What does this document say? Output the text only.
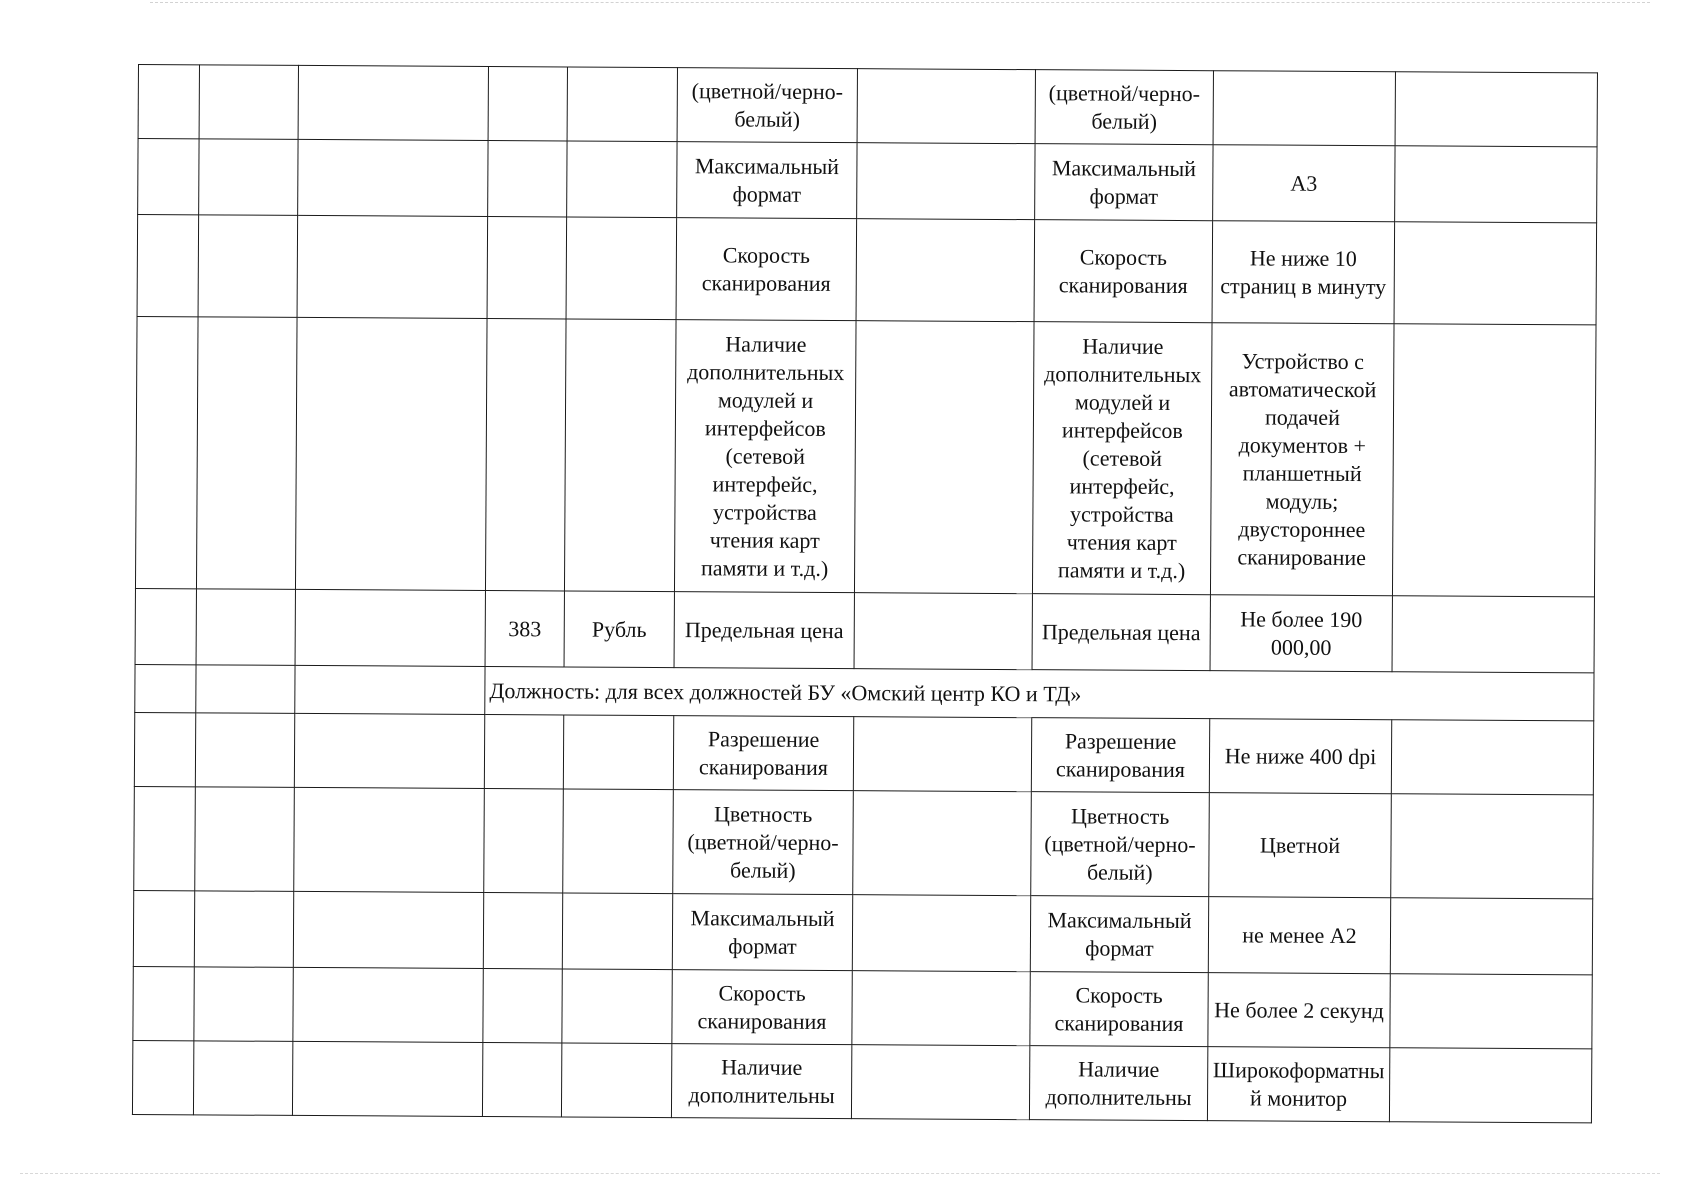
					(цветной/черно-белый)		(цветной/черно-белый)		
					Максимальный формат		Максимальный формат	А3	
					Скорость сканирования		Скорость сканирования	Не ниже 10 страниц в минуту	
					Наличие дополнительных модулей и интерфейсов (сетевой интерфейс, устройства чтения карт памяти и т.д.)		Наличие дополнительных модулей и интерфейсов (сетевой интерфейс, устройства чтения карт памяти и т.д.)	Устройство с автоматической подачей документов + планшетный модуль; двустороннее сканирование	
			383	Рубль	Предельная цена		Предельная цена	Не более 190 000,00	
			Должность: для всех должностей БУ «Омский центр КО и ТД»						
					Разрешение сканирования		Разрешение сканирования	Не ниже 400 dpi	
					Цветность (цветной/черно-белый)		Цветность (цветной/черно-белый)	Цветной	
					Максимальный формат		Максимальный формат	не менее А2	
					Скорость сканирования		Скорость сканирования	Не более 2 секунд	
					Наличие дополнительны		Наличие дополнительны	Широкоформатный монитор	
